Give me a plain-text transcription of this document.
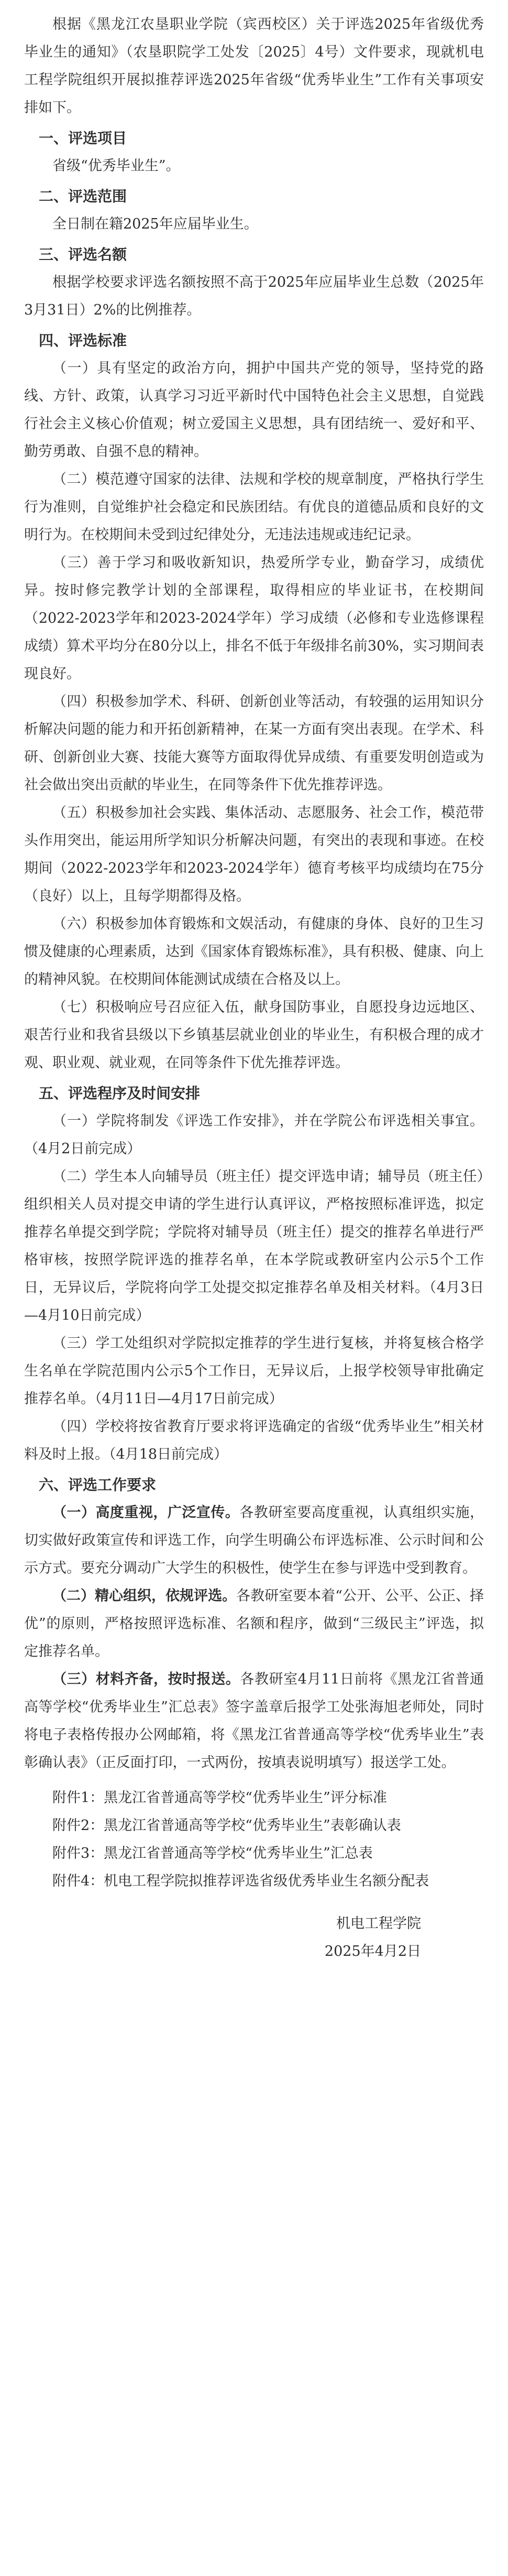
根据《黑龙江农垦职业学院（宾西校区）关于评选2025年省级优秀毕业生的通知》（农垦职院学工处发〔2025〕4号）文件要求，现就机电工程学院组织开展拟推荐评选2025年省级“优秀毕业生”工作有关事项安排如下。

一、评选项目

省级“优秀毕业生”。

二、评选范围

全日制在籍2025年应届毕业生。

三、评选名额

根据学校要求评选名额按照不高于2025年应届毕业生总数（2025年3月31日）2%的比例推荐。

四、评选标准

（一）具有坚定的政治方向，拥护中国共产党的领导，坚持党的路线、方针、政策，认真学习习近平新时代中国特色社会主义思想，自觉践行社会主义核心价值观；树立爱国主义思想，具有团结统一、爱好和平、勤劳勇敢、自强不息的精神。

（二）模范遵守国家的法律、法规和学校的规章制度，严格执行学生行为准则，自觉维护社会稳定和民族团结。有优良的道德品质和良好的文明行为。在校期间未受到过纪律处分，无违法违规或违纪记录。

（三）善于学习和吸收新知识，热爱所学专业，勤奋学习，成绩优异。按时修完教学计划的全部课程，取得相应的毕业证书，在校期间（2022-2023学年和2023-2024学年）学习成绩（必修和专业选修课程成绩）算术平均分在80分以上，排名不低于年级排名前30%，实习期间表现良好。

（四）积极参加学术、科研、创新创业等活动，有较强的运用知识分析解决问题的能力和开拓创新精神，在某一方面有突出表现。在学术、科研、创新创业大赛、技能大赛等方面取得优异成绩、有重要发明创造或为社会做出突出贡献的毕业生，在同等条件下优先推荐评选。

（五）积极参加社会实践、集体活动、志愿服务、社会工作，模范带头作用突出，能运用所学知识分析解决问题，有突出的表现和事迹。在校期间（2022-2023学年和2023-2024学年）德育考核平均成绩均在75分（良好）以上，且每学期都得及格。

（六）积极参加体育锻炼和文娱活动，有健康的身体、良好的卫生习惯及健康的心理素质，达到《国家体育锻炼标准》，具有积极、健康、向上的精神风貌。在校期间体能测试成绩在合格及以上。

（七）积极响应号召应征入伍，献身国防事业，自愿投身边远地区、艰苦行业和我省县级以下乡镇基层就业创业的毕业生，有积极合理的成才观、职业观、就业观，在同等条件下优先推荐评选。

五、评选程序及时间安排

（一）学院将制发《评选工作安排》，并在学院公布评选相关事宜。（4月2日前完成）

（二）学生本人向辅导员（班主任）提交评选申请；辅导员（班主任）组织相关人员对提交申请的学生进行认真评议，严格按照标准评选，拟定推荐名单提交到学院；学院将对辅导员（班主任）提交的推荐名单进行严格审核，按照学院评选的推荐名单，在本学院或教研室内公示5个工作日，无异议后，学院将向学工处提交拟定推荐名单及相关材料。（4月3日—4月10日前完成）

（三）学工处组织对学院拟定推荐的学生进行复核，并将复核合格学生名单在学院范围内公示5个工作日，无异议后，上报学校领导审批确定推荐名单。（4月11日—4月17日前完成）

（四）学校将按省教育厅要求将评选确定的省级“优秀毕业生”相关材料及时上报。（4月18日前完成）

六、评选工作要求

（一）高度重视，广泛宣传。各教研室要高度重视，认真组织实施，切实做好政策宣传和评选工作，向学生明确公布评选标准、公示时间和公示方式。要充分调动广大学生的积极性，使学生在参与评选中受到教育。

（二）精心组织，依规评选。各教研室要本着“公开、公平、公正、择优”的原则，严格按照评选标准、名额和程序，做到“三级民主”评选，拟定推荐名单。

（三）材料齐备，按时报送。各教研室4月11日前将《黑龙江省普通高等学校“优秀毕业生”汇总表》签字盖章后报学工处张海旭老师处，同时将电子表格传报办公网邮箱，将《黑龙江省普通高等学校“优秀毕业生”表彰确认表》（正反面打印，一式两份，按填表说明填写）报送学工处。

附件1：黑龙江省普通高等学校“优秀毕业生”评分标准

附件2：黑龙江省普通高等学校“优秀毕业生”表彰确认表

附件3：黑龙江省普通高等学校“优秀毕业生”汇总表

附件4：机电工程学院拟推荐评选省级优秀毕业生名额分配表

机电工程学院

2025年4月2日
